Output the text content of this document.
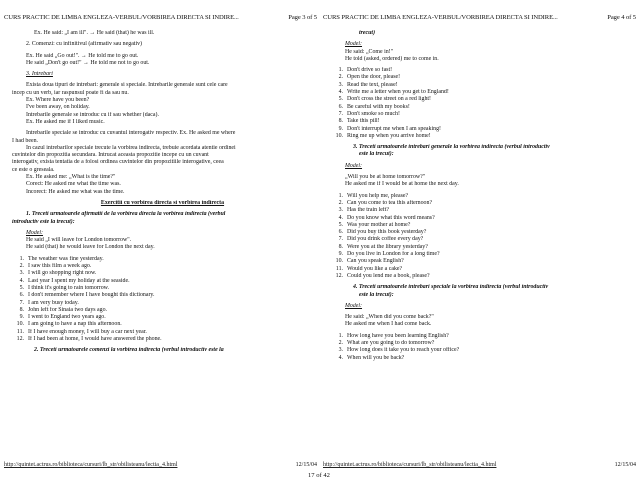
CURS PRACTIC DE LIMBA ENGLEZA-VERBUL/VORBIREA DIRECTA SI INDIRE...	Page 3 of 5
Ex. He said: „I am ill". → He said (that) he was ill.
2. Comenzi: cu infinitivul (afirmativ sau negativ)
Ex. He said „Go out!". → He told me to go out.
He said „Don't go out!" → He told me not to go out.
3. Intrebari
Exista doua tipuri de intrebari: generale si speciale. Intrebarile generale sunt cele care
incep cu un verb, iar raspunsul poate fi da sau nu.
Ex. Where have you been?
I've been away, on holiday.
Intrebarile generale se introduc cu if sau whether (daca).
Ex. He asked me if I liked music.
Intrebarile speciale se introduc cu cuvantul interogativ respectiv. Ex. He asked me where
I had been.
In cazul intrebarilor speciale trecute la vorbirea indirecta, trebuie acordata atentie ordinei
cuvintelor din propozitia secundara. Intrucat aceasta propozitie incepe cu un cuvant
interogativ, exista tentatia de a folosi ordinea cuvintelor din propozitiile interogative, ceea
ce este o greseala.
Ex. He asked me: „What is the time?"
Corect: He asked me what the time was.
Incorect: He asked me what was the time.
Exercitii cu vorbirea directa si vorbirea indirecta
1. Treceti urmatoarele afirmatii de la vorbirea directa la vorbirea indirecta (verbul
introductiv este la trecut):
Model:
He said „I will leave for London tomorrow".
He said (that) he would leave for London the next day.
1. The weather was fine yesterday.
2. I saw this film a week ago.
3. I will go shopping right now.
4. Last year I spent my holiday at the seaside.
5. I think it's going to rain tomorrow.
6. I don't remember where I have bought this dictionary.
7. I am very busy today.
8. John left for Sinaia two days ago.
9. I went to England two years ago.
10. I am going to have a nap this afternoon.
11. If I have enough money, I will buy a car next year.
12. If I had been at home, I would have answered the phone.
2. Treceti urmatoarele comenzi la vorbirea indirecta (verbul introductiv este la
http://quintet.actrus.ro/biblioteca/cursuri/lb_str/obilisteanu/lectia_4.html	12/15/04
CURS PRACTIC DE LIMBA ENGLEZA-VERBUL/VORBIREA DIRECTA SI INDIRE...	Page 4 of 5
trecut)
Model:
He said: „Come in!"
He told (asked, ordered) me to come in.
1. Don't drive so fast!
2. Open the door, please!
3. Read the text, please!
4. Write me a letter when you get to England!
5. Don't cross the street on a red light!
6. Be careful with my books!
7. Don't smoke so much!
8. Take this pill!
9. Don't interrupt me when I am speaking!
10. Ring me up when you arrive home!
3. Treceti urmatoarele intrebari generale la vorbirea indirecta (verbul introductiv
este la trecut):
Model:
„Will you be at home tomorrow?"
He asked me if I would be at home the next day.
1. Will you help me, please?
2. Can you come to tea this afternoon?
3. Has the train left?
4. Do you know what this word means?
5. Was your mother at home?
6. Did you buy this book yesterday?
7. Did you drink coffee every day?
8. Were you at the library yesterday?
9. Do you live in London for a long time?
10. Can you speak English?
11. Would you like a cake?
12. Could you lend me a book, please?
4. Treceti urmatoarele intrebari speciale la vorbirea indirecta (verbul introductiv
este la trecut):
Model:
He said: „When did you come back?"
He asked me when I had come back.
1. How long have you been learning English?
2. What are you going to do tomorrow?
3. How long does it take you to reach your office?
4. When will you be back?
http://quintet.actrus.ro/biblioteca/cursuri/lb_str/obilisteanu/lectia_4.html	12/15/04
17 of 42
